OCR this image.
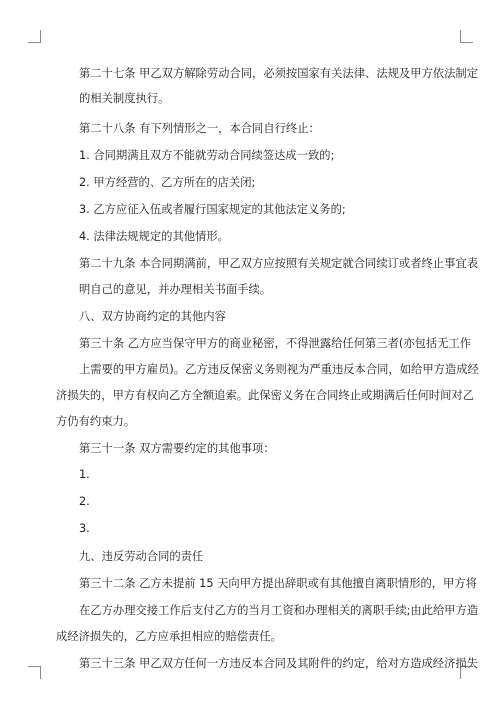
第二十七条 甲乙双方解除劳动合同，必须按国家有关法律、法规及甲方依法制定
的相关制度执行。
第二十八条 有下列情形之一，本合同自行终止：
1. 合同期满且双方不能就劳动合同续签达成一致的;
2. 甲方经营的、乙方所在的店关闭;
3. 乙方应征入伍或者履行国家规定的其他法定义务的;
4. 法律法规规定的其他情形。
第二十九条 本合同期满前，甲乙双方应按照有关规定就合同续订或者终止事宜表
明自己的意见，并办理相关书面手续。
八、双方协商约定的其他内容
第三十条 乙方应当保守甲方的商业秘密，不得泄露给任何第三者(亦包括无工作
上需要的甲方雇员)。乙方违反保密义务则视为严重违反本合同，如给甲方造成经
济损失的，甲方有权向乙方全额追索。此保密义务在合同终止或期满后任何时间对乙
方仍有约束力。
第三十一条 双方需要约定的其他事项：
1.
2.
3.
九、违反劳动合同的责任
第三十二条 乙方未提前 15 天向甲方提出辞职或有其他擅自离职情形的，甲方将
在乙方办理交接工作后支付乙方的当月工资和办理相关的离职手续;由此给甲方造
成经济损失的，乙方应承担相应的赔偿责任。
第三十三条 甲乙双方任何一方违反本合同及其附件的约定，给对方造成经济损失
